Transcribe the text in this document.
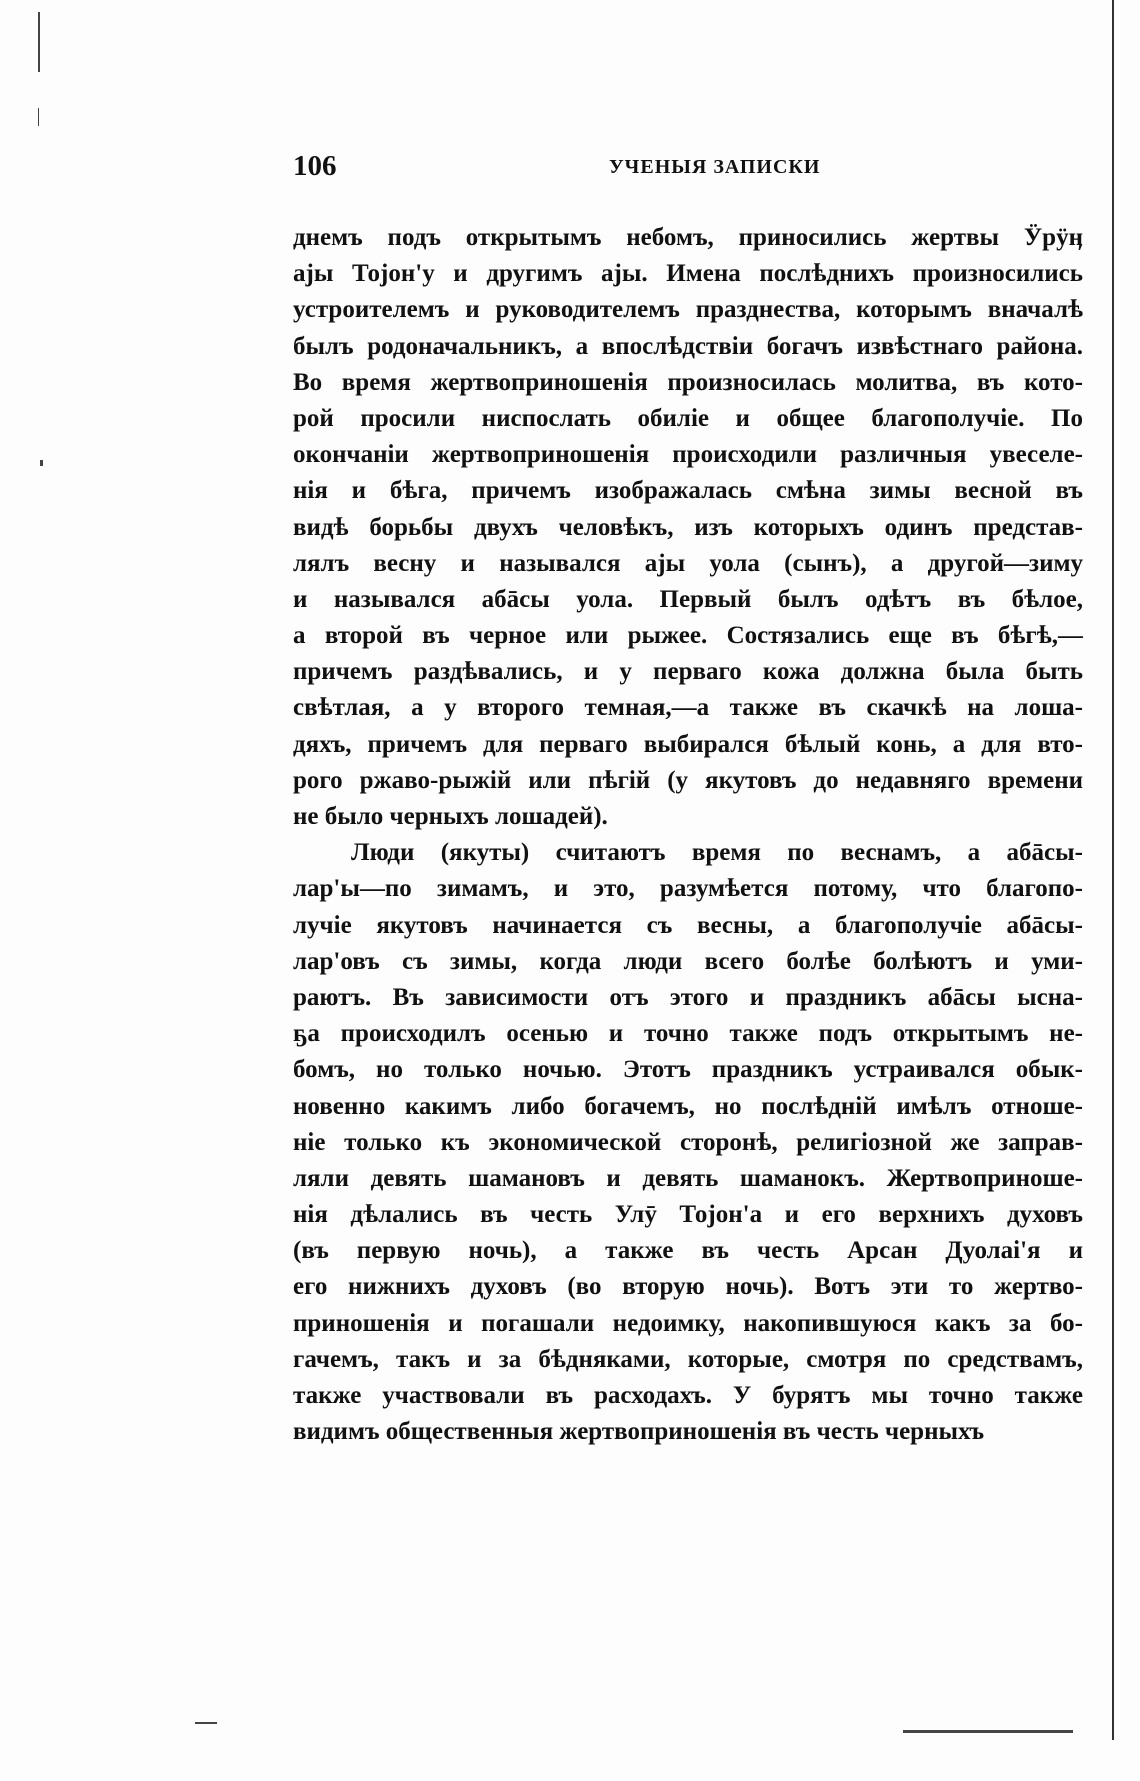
106	УЧЕНЫЯ ЗАПИСКИ
днемъ подъ открытымъ небомъ, приносились жертвы Ӱрӱӊ
аjы Тојон'у и другимъ аjы. Имена послѣднихъ произносились
устроителемъ и руководителемъ празднества, которымъ вначалѣ
былъ родоначальникъ, а впослѣдствіи богачъ извѣстнаго района.
Во время жертвоприношенія произносилась молитва, въ кото-
рой просили ниспослать обиліе и общее благополучіе. По
окончаніи жертвоприношенія происходили различныя увеселе-
нія и бѣга, причемъ изображалась смѣна зимы весной въ
видѣ борьбы двухъ человѣкъ, изъ которыхъ одинъ представ-
лялъ весну и назывался аjы уола (сынъ), а другой—зиму
и назывался абāсы уола. Первый былъ одѣтъ въ бѣлое,
а второй въ черное или рыжее. Состязались еще въ бѣгѣ,—
причемъ раздѣвались, и у перваго кожа должна была быть
свѣтлая, а у второго темная,—а также въ скачкѣ на лоша-
дяхъ, причемъ для перваго выбирался бѣлый конь, а для вто-
рого ржаво-рыжій или пѣгій (у якутовъ до недавняго времени
не было черныхъ лошадей).
Люди (якуты) считаютъ время по веснамъ, а абāсы-
лар'ы—по зимамъ, и это, разумѣется потому, что благопо-
лучіе якутовъ начинается съ весны, а благополучіе абāсы-
лар'овъ съ зимы, когда люди всего болѣе болѣютъ и уми-
раютъ. Въ зависимости отъ этого и праздникъ абāсы ысна-
ҕа происходилъ осенью и точно также подъ открытымъ не-
бомъ, но только ночью. Этотъ праздникъ устраивался обык-
новенно какимъ либо богачемъ, но послѣдній имѣлъ отноше-
ніе только къ экономической сторонѣ, религіозной же заправ-
ляли девять шамановъ и девять шаманокъ. Жертвоприноше-
нія дѣлались въ честь Улӯ Тојон'а и его верхнихъ духовъ
(въ первую ночь), а также въ честь Арсан Дуолаі'я и
его нижнихъ духовъ (во вторую ночь). Вотъ эти то жертво-
приношенія и погашали недоимку, накопившуюся какъ за бо-
гачемъ, такъ и за бѣдняками, которые, смотря по средствамъ,
также участвовали въ расходахъ. У бурятъ мы точно также
видимъ общественныя жертвоприношенія въ честь черныхъ
